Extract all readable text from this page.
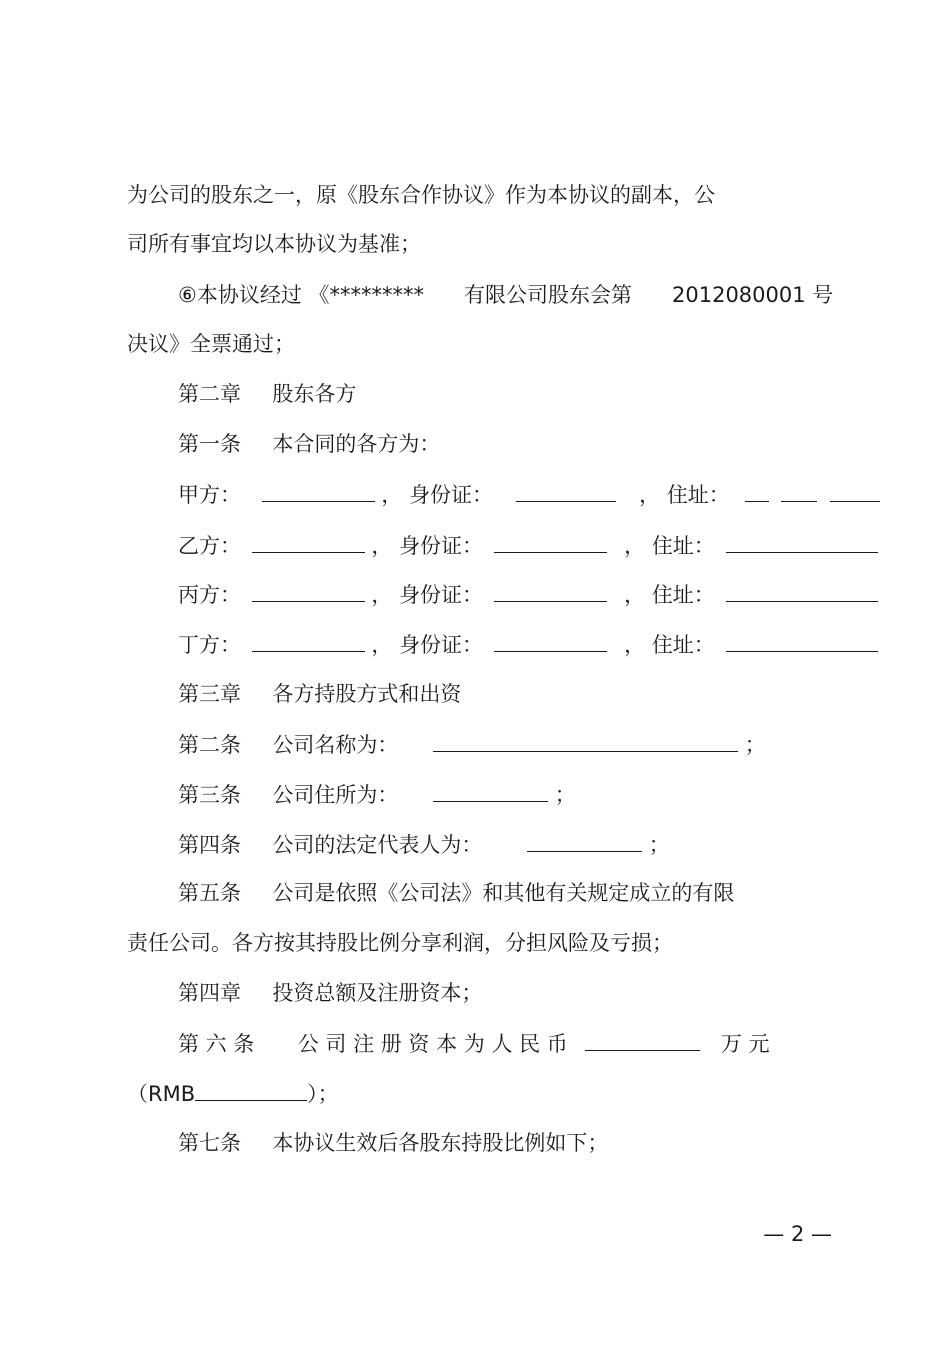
为公司的股东之一，原《股东合作协议》作为本协议的副本，公
司所有事宜均以本协议为基准；
⑥本协议经过 《********* 有限公司股东会第 2012080001 号
决议》全票通过；
第二章 股东各方
第一条 本合同的各方为：
甲方：	， 身份证：	， 住址：
乙方：	， 身份证：	， 住址：
丙方：	， 身份证：	， 住址：
丁方：	， 身份证：	， 住址：
第三章 各方持股方式和出资
第二条 公司名称为：	；
第三条 公司住所为：	；
第四条 公司的法定代表人为：	；
第五条 公司是依照《公司法》和其他有关规定成立的有限
责任公司。各方按其持股比例分享利润，分担风险及亏损；
第四章 投资总额及注册资本；
第 六 条 公 司 注 册 资 本 为 人 民 币	万 元
（RMB	）；
第七条 本协议生效后各股东持股比例如下；
— 2 —
